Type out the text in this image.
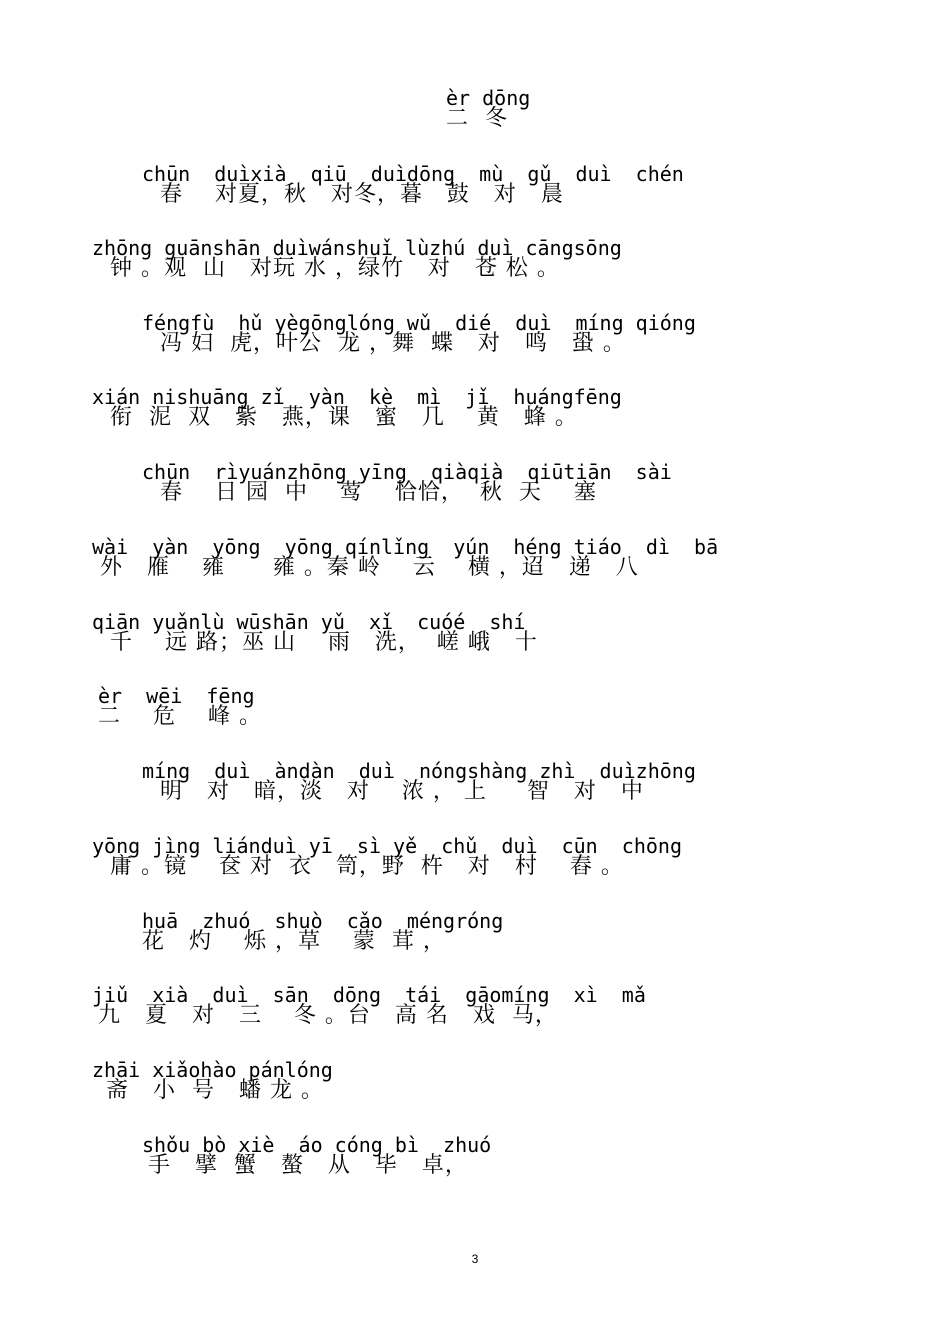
èr dōng
二  冬
chūn  duìxià  qiū  duìdōng  mù  gǔ  duì  chén
春    对夏，秋   对冬，暮   鼓   对   晨
zhōng guānshān duìwánshuǐ lùzhú duì cāngsōng
钟 。观  山   对玩 水 ，绿竹   对   苍 松 。
féngfù  hǔ yègōnglóng wǔ  dié  duì  míng qióng
冯 妇  虎，叶公  龙 ，舞  蝶   对   鸣   蛩 。
xián nishuāng zǐ  yàn  kè  mì  jǐ  huángfēng
衔  泥  双   紫   燕，课   蜜   几    黄   蜂 。
chūn  rìyuánzhōng yīng  qiàqià  qiūtiān  sài
春    日 园  中    莺    恰恰，  秋  天    塞
wài  yàn  yōng  yōng qínlǐng  yún  héng tiáo  dì  bā
外   雁    雍      雍 。秦 岭    云    横 ，迢   递   八
qiān yuǎnlù wūshān yǔ  xǐ  cuóé  shí
千    远 路；巫 山    雨   洗，  嵯 峨   十
èr  wēi  fēng
二    危    峰 。
míng  duì  àndàn  duì  nóngshàng zhì  duìzhōng
明   对   暗，淡   对    浓 ， 上     智   对   中
yōng jìng liánduì yī  sì yě  chǔ  duì  cūn  chōng
庸 。镜    奁 对  衣   笥，野  杵   对   村    舂 。
huā  zhuó  shuò  cǎo  méngróng
花   灼    烁 ，草    蒙  茸 ，
jiǔ  xià  duì  sān  dōng  tái  gāomíng  xì  mǎ
九   夏   对   三    冬 。台   高 名   戏  马，
zhāi xiǎohào pánlóng
斋   小  号   蟠 龙 。
shǒu bò xiè  áo cóng bì  zhuó
手   擘  蟹   螯   从   毕   卓，
3
